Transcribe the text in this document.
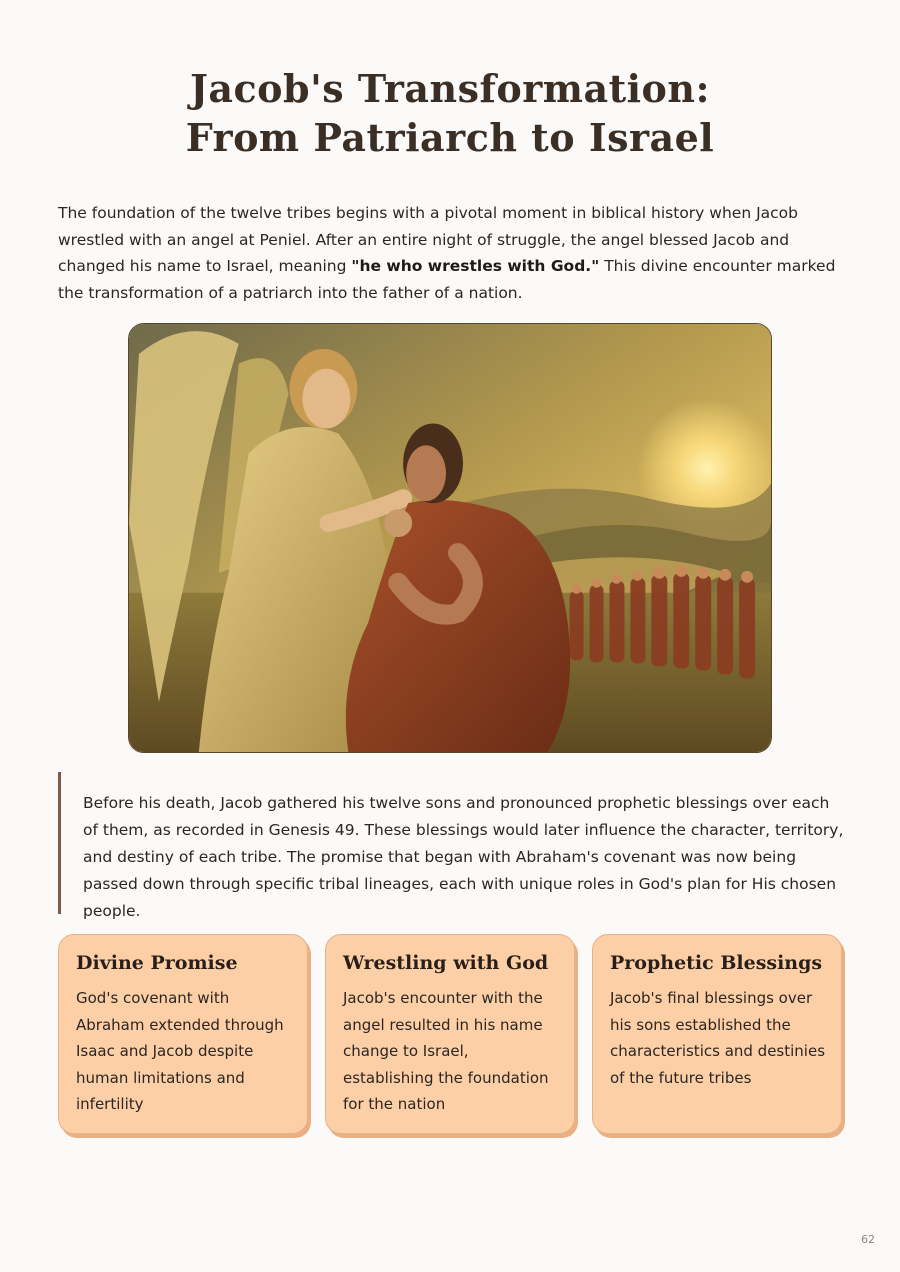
Jacob's Transformation:
From Patriarch to Israel
The foundation of the twelve tribes begins with a pivotal moment in biblical history when Jacob wrestled with an angel at Peniel. After an entire night of struggle, the angel blessed Jacob and changed his name to Israel, meaning "he who wrestles with God." This divine encounter marked the transformation of a patriarch into the father of a nation.
Before his death, Jacob gathered his twelve sons and pronounced prophetic blessings over each of them, as recorded in Genesis 49. These blessings would later influence the character, territory, and destiny of each tribe. The promise that began with Abraham's covenant was now being passed down through specific tribal lineages, each with unique roles in God's plan for His chosen people.
Divine Promise

God's covenant with Abraham extended through Isaac and Jacob despite human limitations and infertility

Wrestling with God

Jacob's encounter with the angel resulted in his name change to Israel, establishing the foundation for the nation

Prophetic Blessings

Jacob's final blessings over his sons established the characteristics and destinies of the future tribes

62
